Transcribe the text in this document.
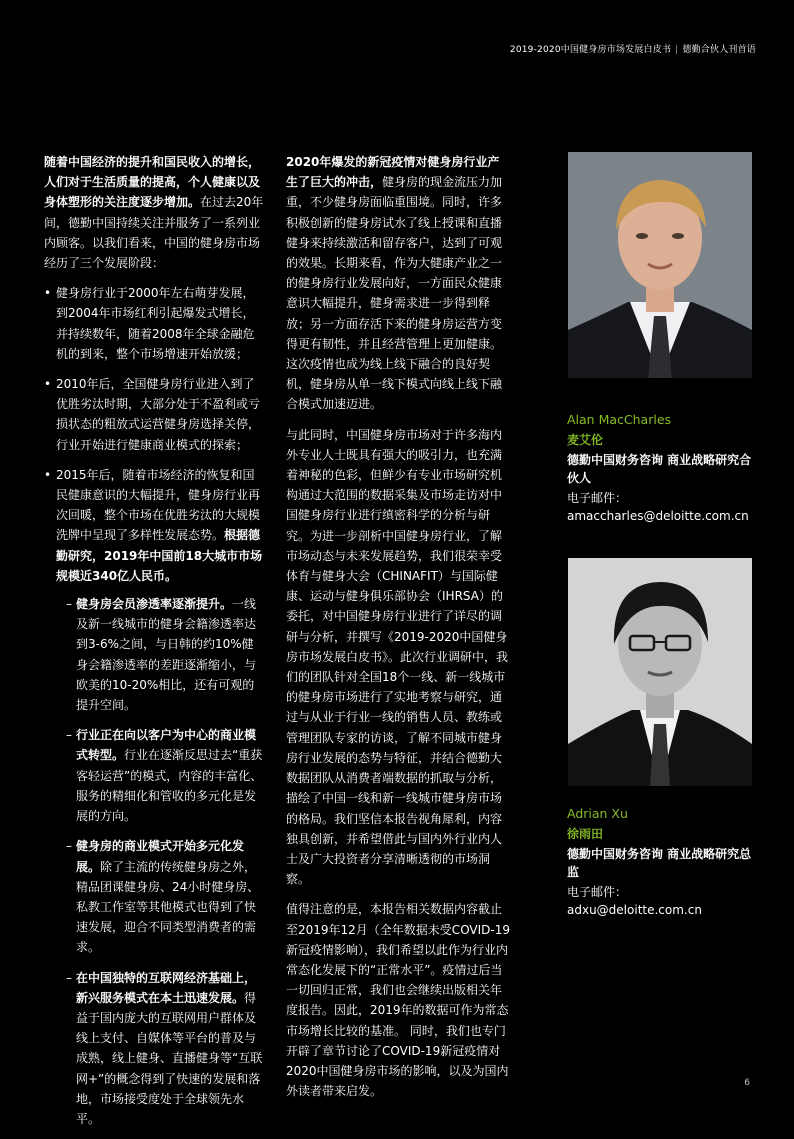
2019-2020中国健身房市场发展白皮书 | 德勤合伙人刊首语

随着中国经济的提升和国民收入的增长，人们对于生活质量的提高，个人健康以及身体塑形的关注度逐步增加。在过去20年间，德勤中国持续关注并服务了一系列业内顾客。以我们看来，中国的健身房市场经历了三个发展阶段：

• 健身房行业于2000年左右萌芽发展，到2004年市场红利引起爆发式增长，并持续数年，随着2008年全球金融危机的到来，整个市场增速开始放缓；
• 2010年后，全国健身房行业进入到了优胜劣汰时期，大部分处于不盈利或亏损状态的粗放式运营健身房选择关停，行业开始进行健康商业模式的探索；
• 2015年后，随着市场经济的恢复和国民健康意识的大幅提升，健身房行业再次回暖，整个市场在优胜劣汰的大规模洗牌中呈现了多样性发展态势。根据德勤研究，2019年中国前18大城市市场规模近340亿人民币。
– 健身房会员渗透率逐渐提升。一线及新一线城市的健身会籍渗透率达到3-6%之间，与日韩的约10%健身会籍渗透率的差距逐渐缩小，与欧美的10-20%相比，还有可观的提升空间。
– 行业正在向以客户为中心的商业模式转型。行业在逐渐反思过去“重获客轻运营”的模式，内容的丰富化、服务的精细化和管收的多元化是发展的方向。
– 健身房的商业模式开始多元化发展。除了主流的传统健身房之外，精品团课健身房、24小时健身房、私教工作室等其他模式也得到了快速发展，迎合不同类型消费者的需求。
– 在中国独特的互联网经济基础上，新兴服务模式在本土迅速发展。得益于国内庞大的互联网用户群体及线上支付、自媒体等平台的普及与成熟，线上健身、直播健身等“互联网+”的概念得到了快速的发展和落地，市场接受度处于全球领先水平。

2020年爆发的新冠疫情对健身房行业产生了巨大的冲击，健身房的现金流压力加重，不少健身房面临重围境。同时，许多积极创新的健身房试水了线上授课和直播健身来持续激活和留存客户，达到了可观的效果。长期来看，作为大健康产业之一的健身房行业发展向好，一方面民众健康意识大幅提升，健身需求进一步得到释放；另一方面存活下来的健身房运营方变得更有韧性，并且经营管理上更加健康。这次疫情也成为线上线下融合的良好契机，健身房从单一线下模式向线上线下融合模式加速迈进。

与此同时，中国健身房市场对于许多海内外专业人士既具有强大的吸引力，也充满着神秘的色彩，但鲜少有专业市场研究机构通过大范围的数据采集及市场走访对中国健身房行业进行缜密科学的分析与研究。为进一步剖析中国健身房行业，了解市场动态与未来发展趋势，我们很荣幸受体育与健身大会（CHINAFIT）与国际健康、运动与健身俱乐部协会（IHRSA）的委托，对中国健身房行业进行了详尽的调研与分析，并撰写《2019-2020中国健身房市场发展白皮书》。此次行业调研中，我们的团队针对全国18个一线、新一线城市的健身房市场进行了实地考察与研究，通过与从业于行业一线的销售人员、教练或管理团队专家的访谈，了解不同城市健身房行业发展的态势与特征，并结合德勤大数据团队从消费者端数据的抓取与分析，描绘了中国一线和新一线城市健身房市场的格局。我们坚信本报告视角犀利，内容独具创新，并希望借此与国内外行业内人士及广大投资者分享清晰透彻的市场洞察。

值得注意的是，本报告相关数据内容截止至2019年12月（全年数据未受COVID-19新冠疫情影响），我们希望以此作为行业内常态化发展下的“正常水平”。疫情过后当一切回归正常，我们也会继续出版相关年度报告。因此，2019年的数据可作为常态市场增长比较的基准。 同时，我们也专门开辟了章节讨论了COVID-19新冠疫情对2020中国健身房市场的影响，以及为国内外读者带来启发。

Alan MacCharles
麦艾伦
德勤中国财务咨询 商业战略研究合伙人
电子邮件：amaccharles@deloitte.com.cn
Adrian Xu
徐雨田
德勤中国财务咨询 商业战略研究总监
电子邮件：adxu@deloitte.com.cn
6
